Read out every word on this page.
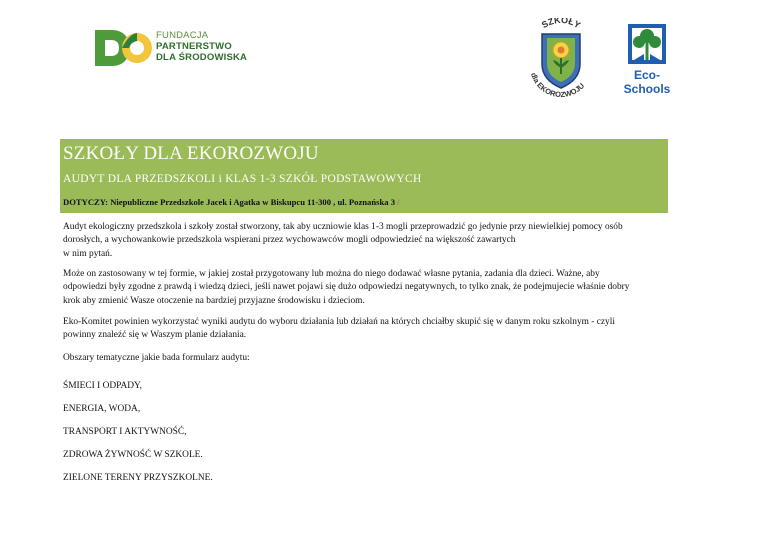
FUNDACJA
PARTNERSTWO
DLA ŚRODOWISKA
SZKOŁY
dla EKOROZWOJU
Eco-Schools
SZKOŁY DLA EKOROZWOJU
AUDYT DLA PRZEDSZKOLI i KLAS 1-3 SZKÓŁ PODSTAWOWYCH
DOTYCZY: Niepubliczne Przedszkole Jacek i Agatka w Biskupcu 11-300 , ul. Poznańska 3 /
Audyt ekologiczny przedszkola i szkoły został stworzony, tak aby uczniowie klas 1-3 mogli przeprowadzić go jedynie przy niewielkiej pomocy osób
dorosłych, a wychowankowie przedszkola wspierani przez wychowawców mogli odpowiedzieć na większość zawartych
w nim pytań.
Może on zastosowany w tej formie, w jakiej został przygotowany lub można do niego dodawać własne pytania, zadania dla dzieci. Ważne, aby
odpowiedzi były zgodne z prawdą i wiedzą dzieci, jeśli nawet pojawi się dużo odpowiedzi negatywnych, to tylko znak, że podejmujecie właśnie dobry
krok aby zmienić Wasze otoczenie na bardziej przyjazne środowisku i dzieciom.
Eko-Komitet powinien wykorzystać wyniki audytu do wyboru działania lub działań na których chciałby skupić się w danym roku szkolnym - czyli
powinny znaleźć się w Waszym planie działania.
Obszary tematyczne jakie bada formularz audytu:
ŚMIECI I ODPADY,
ENERGIA, WODA,
TRANSPORT I AKTYWNOŚĆ,
ZDROWA ŻYWNOŚĆ W SZKOLE.
ZIELONE TERENY PRZYSZKOLNE.
